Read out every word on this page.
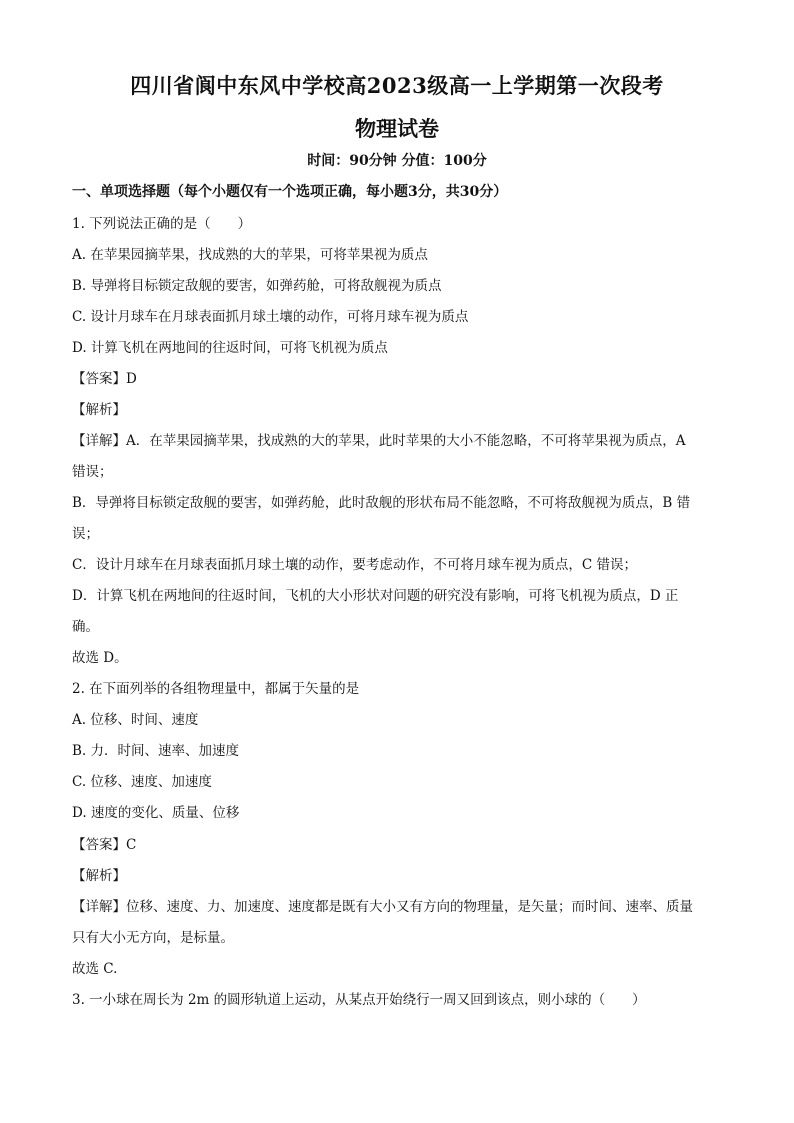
四川省阆中东风中学校高2023级高一上学期第一次段考
物理试卷
时间：90分钟 分值：100分
一、单项选择题（每个小题仅有一个选项正确，每小题3分，共30分）
1. 下列说法正确的是（　　）
A. 在苹果园摘苹果，找成熟的大的苹果，可将苹果视为质点
B. 导弹将目标锁定敌舰的要害，如弹药舱，可将敌舰视为质点
C. 设计月球车在月球表面抓月球土壤的动作，可将月球车视为质点
D. 计算飞机在两地间的往返时间，可将飞机视为质点
【答案】D
【解析】
【详解】A．在苹果园摘苹果，找成熟的大的苹果，此时苹果的大小不能忽略，不可将苹果视为质点，A
错误；
B．导弹将目标锁定敌舰的要害，如弹药舱，此时敌舰的形状布局不能忽略，不可将敌舰视为质点，B 错
误；
C．设计月球车在月球表面抓月球土壤的动作，要考虑动作，不可将月球车视为质点，C 错误；
D．计算飞机在两地间的往返时间，飞机的大小形状对问题的研究没有影响，可将飞机视为质点，D 正
确。
故选 D。
2. 在下面列举的各组物理量中，都属于矢量的是
A. 位移、时间、速度
B. 力．时间、速率、加速度
C. 位移、速度、加速度
D. 速度的变化、质量、位移
【答案】C
【解析】
【详解】位移、速度、力、加速度、速度都是既有大小又有方向的物理量，是矢量；而时间、速率、质量
只有大小无方向，是标量。
故选 C.
3. 一小球在周长为 2m 的圆形轨道上运动，从某点开始绕行一周又回到该点，则小球的（　　）
